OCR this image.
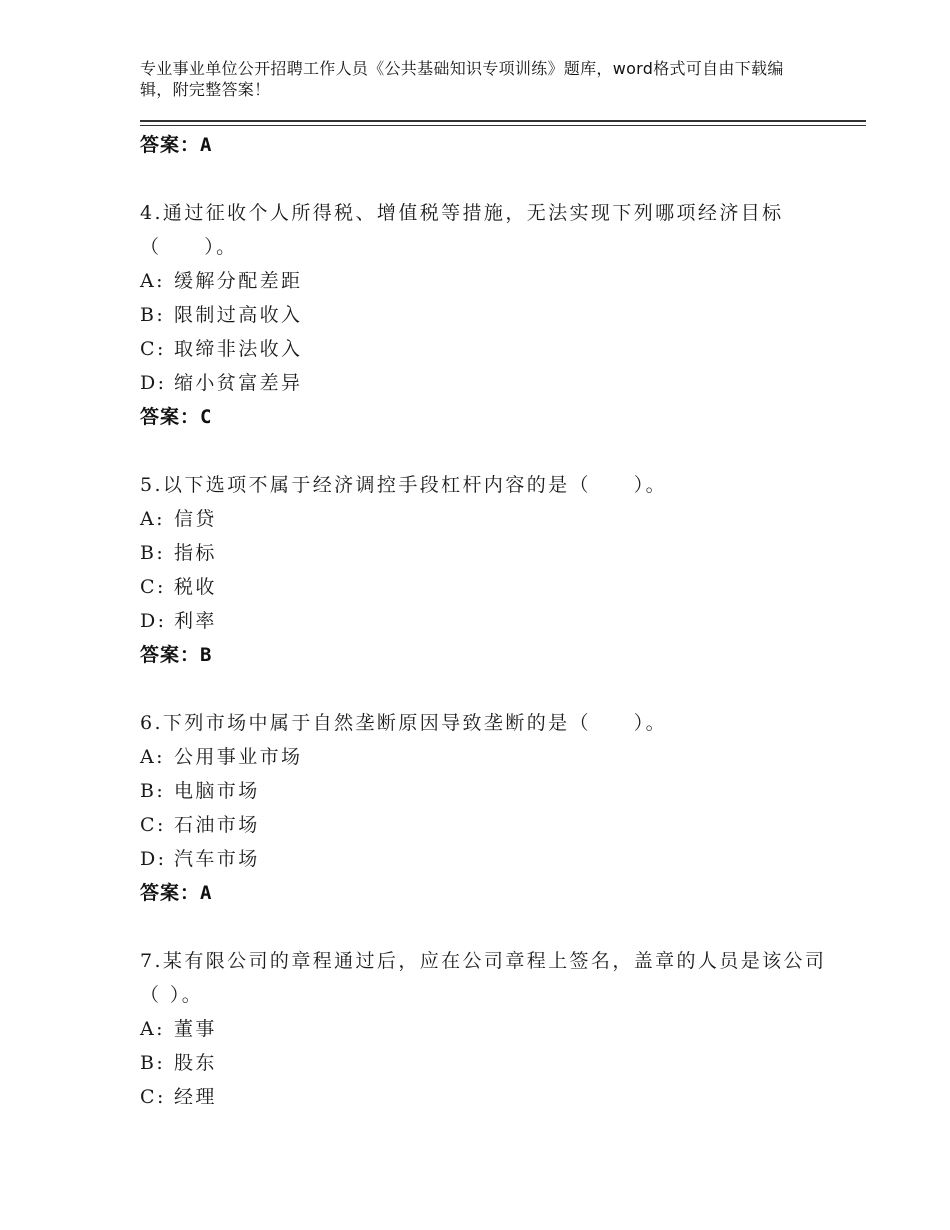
专业事业单位公开招聘工作人员《公共基础知识专项训练》题库，word格式可自由下载编辑，附完整答案！
答案：A
4.通过征收个人所得税、增值税等措施，无法实现下列哪项经济目标（　　）。
A: 缓解分配差距
B: 限制过高收入
C: 取缔非法收入
D: 缩小贫富差异
答案：C
5.以下选项不属于经济调控手段杠杆内容的是（　　）。
A: 信贷
B: 指标
C: 税收
D: 利率
答案：B
6.下列市场中属于自然垄断原因导致垄断的是（　　）。
A: 公用事业市场
B: 电脑市场
C: 石油市场
D: 汽车市场
答案：A
7.某有限公司的章程通过后，应在公司章程上签名，盖章的人员是该公司（ ）。
A: 董事
B: 股东
C: 经理
